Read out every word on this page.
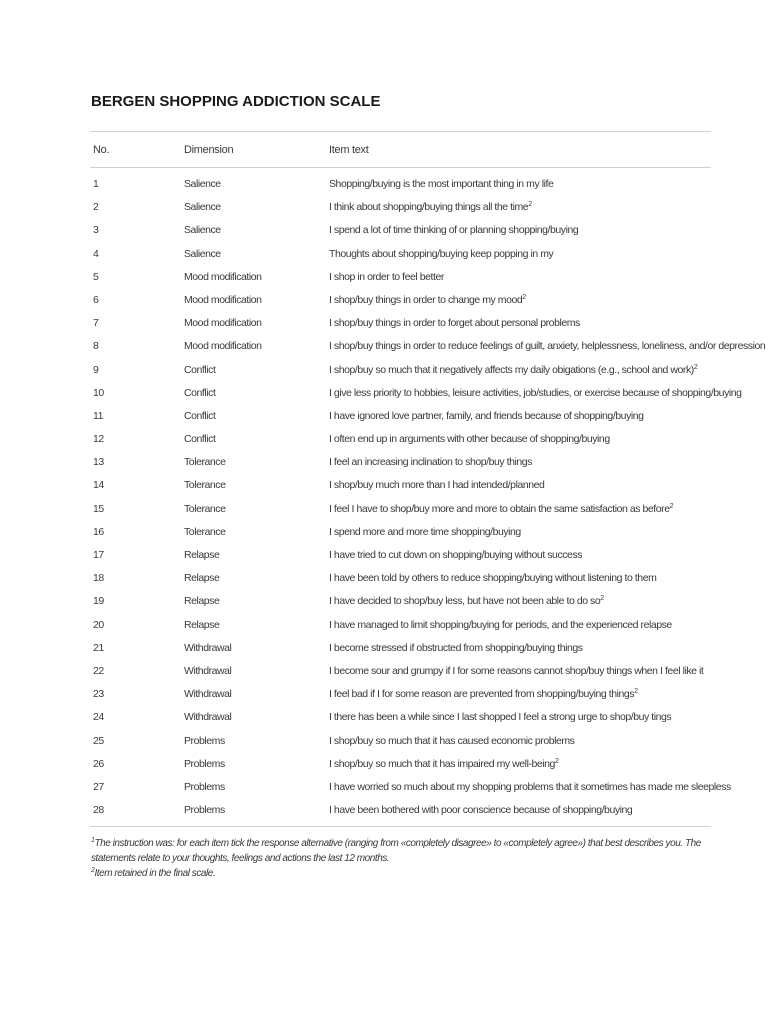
BERGEN SHOPPING ADDICTION SCALE
No.	Dimension	Item text
1	Salience	Shopping/buying is the most important thing in my life
2	Salience	I think about shopping/buying things all the time$^2$
3	Salience	I spend a lot of time thinking of or planning shopping/buying
4	Salience	Thoughts about shopping/buying keep popping in my
5	Mood modification	I shop in order to feel better
6	Mood modification	I shop/buy things in order to change my mood$^2$
7	Mood modification	I shop/buy things in order to forget about personal problems
8	Mood modification	I shop/buy things in order to reduce feelings of guilt, anxiety, helplessness, loneliness, and/or depression
9	Conflict	I shop/buy so much that it negatively affects my daily obigations (e.g., school and work)$^2$
10	Conflict	I give less priority to hobbies, leisure activities, job/studies, or exercise because of shopping/buying
11	Conflict	I have ignored love partner, family, and friends because of shopping/buying
12	Conflict	I often end up in arguments with other because of shopping/buying
13	Tolerance	I feel an increasing inclination to shop/buy things
14	Tolerance	I shop/buy much more than I had intended/planned
15	Tolerance	I feel I have to shop/buy more and more to obtain the same satisfaction as before$^2$
16	Tolerance	I spend more and more time shopping/buying
17	Relapse	I have tried to cut down on shopping/buying without success
18	Relapse	I have been told by others to reduce shopping/buying without listening to them
19	Relapse	I have decided to shop/buy less, but have not been able to do $so^2$
20	Relapse	I have managed to limit shopping/buying for periods, and the experienced relapse
21	Withdrawal	I become stressed if obstructed from shopping/buying things
22	Withdrawal	I become sour and grumpy if I for some reasons cannot shop/buy things when I feel like it
23	Withdrawal	I feel bad if I for some reason are prevented from shopping/buying things$^2$
24	Withdrawal	I there has been a while since I last shopped I feel a strong urge to shop/buy tings
25	Problems	I shop/buy so much that it has caused economic problems
26	Problems	I shop/buy so much that it has impaired my well-being$^2$
27	Problems	I have worried so much about my shopping problems that it sometimes has made me sleepless
28	Problems	I have been bothered with poor conscience because of shopping/buying

$^1$The instruction was: for each item tick the response alternative (ranging from «completely disagree» to «completely agree») that best describes you. The statements relate to your thoughts, feelings and actions the last 12 months.

$^2$Item retained in the final scale.
